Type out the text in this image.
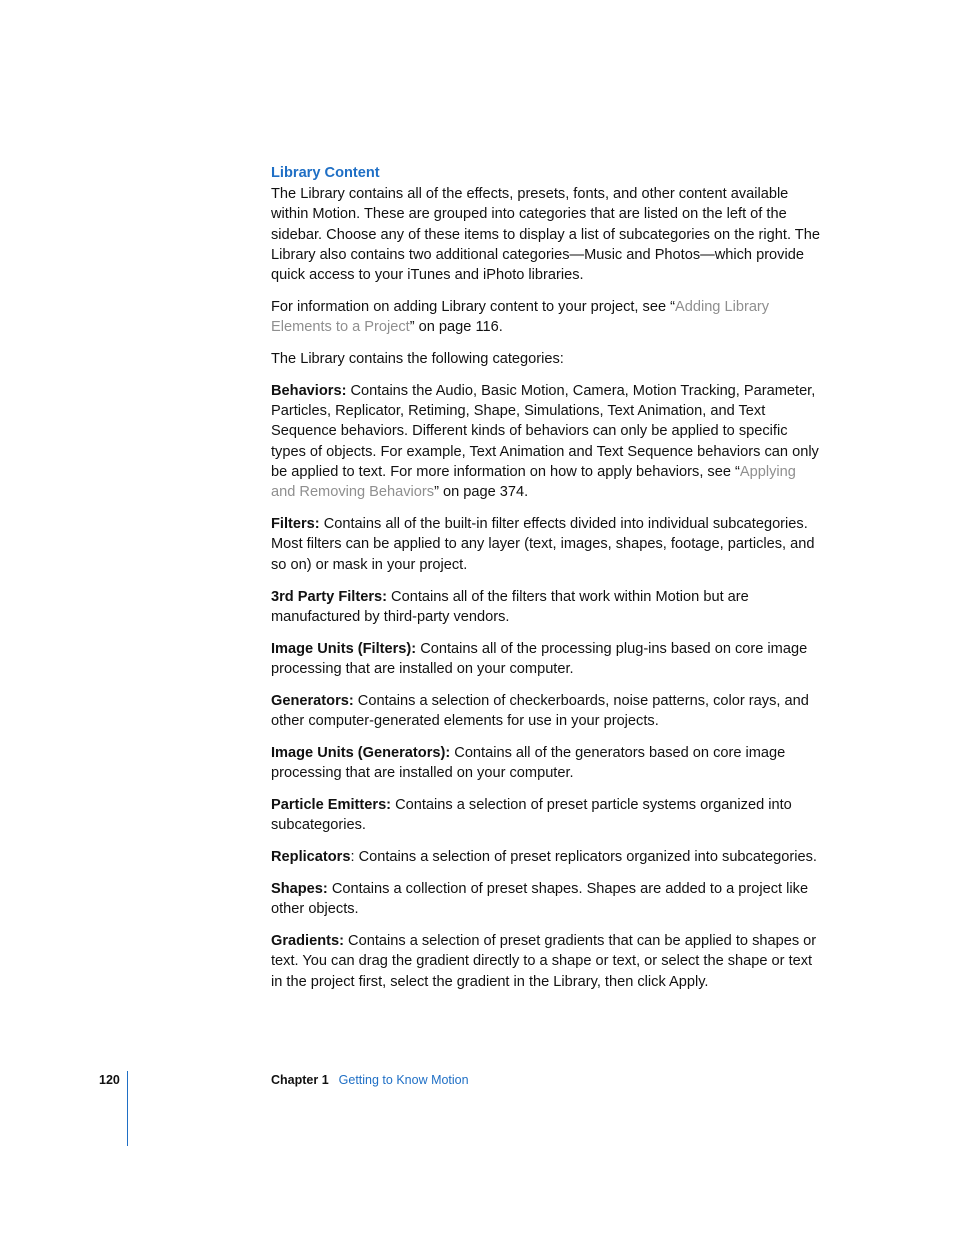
Library Content

The Library contains all of the effects, presets, fonts, and other content available within Motion. These are grouped into categories that are listed on the left of the sidebar. Choose any of these items to display a list of subcategories on the right. The Library also contains two additional categories—Music and Photos—which provide quick access to your iTunes and iPhoto libraries.

For information on adding Library content to your project, see “Adding Library Elements to a Project” on page 116.

The Library contains the following categories:

Behaviors: Contains the Audio, Basic Motion, Camera, Motion Tracking, Parameter, Particles, Replicator, Retiming, Shape, Simulations, Text Animation, and Text Sequence behaviors. Different kinds of behaviors can only be applied to specific types of objects. For example, Text Animation and Text Sequence behaviors can only be applied to text. For more information on how to apply behaviors, see “Applying and Removing Behaviors” on page 374.

Filters: Contains all of the built-in filter effects divided into individual subcategories. Most filters can be applied to any layer (text, images, shapes, footage, particles, and so on) or mask in your project.

3rd Party Filters: Contains all of the filters that work within Motion but are manufactured by third-party vendors.

Image Units (Filters): Contains all of the processing plug-ins based on core image processing that are installed on your computer.

Generators: Contains a selection of checkerboards, noise patterns, color rays, and other computer-generated elements for use in your projects.

Image Units (Generators): Contains all of the generators based on core image processing that are installed on your computer.

Particle Emitters: Contains a selection of preset particle systems organized into subcategories.

Replicators: Contains a selection of preset replicators organized into subcategories.

Shapes: Contains a collection of preset shapes. Shapes are added to a project like other objects.

Gradients: Contains a selection of preset gradients that can be applied to shapes or text. You can drag the gradient directly to a shape or text, or select the shape or text in the project first, select the gradient in the Library, then click Apply.

120	Chapter 1 Getting to Know Motion
